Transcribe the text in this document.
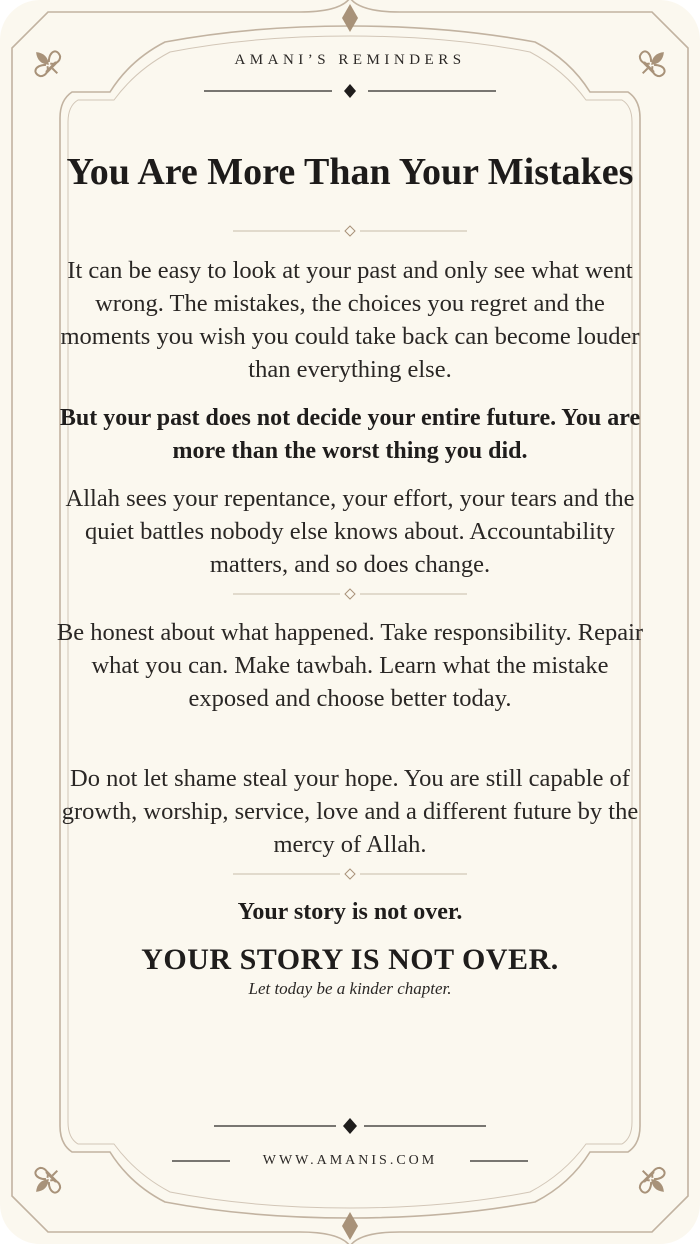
AMANI’S REMINDERS
You Are More Than Your Mistakes
It can be easy to look at your past and only see what went wrong. The mistakes, the choices you regret and the moments you wish you could take back can become louder than everything else.
But your past does not decide your entire future. You are more than the worst thing you did.
Allah sees your repentance, your effort, your tears and the quiet battles nobody else knows about. Accountability matters, and so does change.
Be honest about what happened. Take responsibility. Repair what you can. Make tawbah. Learn what the mistake exposed and choose better today.
Do not let shame steal your hope. You are still capable of growth, worship, service, love and a different future by the mercy of Allah.
Your story is not over.
YOUR STORY IS NOT OVER.
Let today be a kinder chapter.
WWW.AMANIS.COM
